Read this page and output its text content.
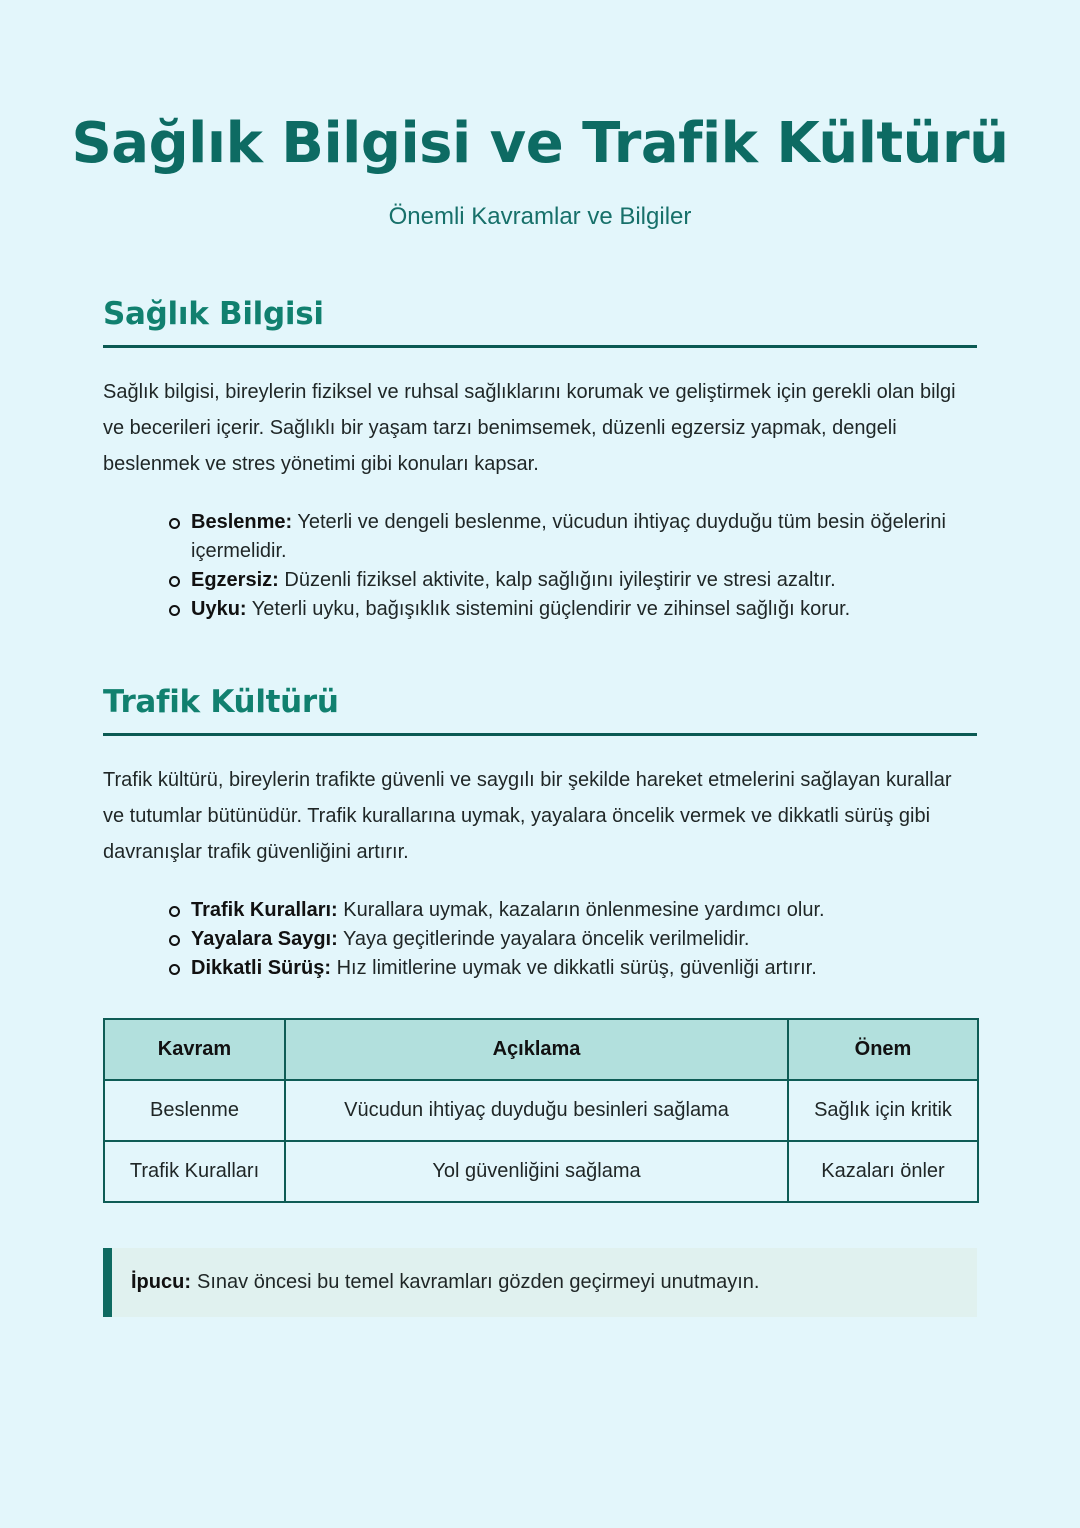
Sağlık Bilgisi ve Trafik Kültürü

Önemli Kavramlar ve Bilgiler

Sağlık Bilgisi

Sağlık bilgisi, bireylerin fiziksel ve ruhsal sağlıklarını korumak ve geliştirmek için gerekli olan bilgi ve becerileri içerir. Sağlıklı bir yaşam tarzı benimsemek, düzenli egzersiz yapmak, dengeli beslenmek ve stres yönetimi gibi konuları kapsar.

Beslenme: Yeterli ve dengeli beslenme, vücudun ihtiyaç duyduğu tüm besin öğelerini içermelidir.
Egzersiz: Düzenli fiziksel aktivite, kalp sağlığını iyileştirir ve stresi azaltır.
Uyku: Yeterli uyku, bağışıklık sistemini güçlendirir ve zihinsel sağlığı korur.
Trafik Kültürü

Trafik kültürü, bireylerin trafikte güvenli ve saygılı bir şekilde hareket etmelerini sağlayan kurallar ve tutumlar bütünüdür. Trafik kurallarına uymak, yayalara öncelik vermek ve dikkatli sürüş gibi davranışlar trafik güvenliğini artırır.

Trafik Kuralları: Kurallara uymak, kazaların önlenmesine yardımcı olur.
Yayalara Saygı: Yaya geçitlerinde yayalara öncelik verilmelidir.
Dikkatli Sürüş: Hız limitlerine uymak ve dikkatli sürüş, güvenliği artırır.
Kavram	Açıklama	Önem
Beslenme	Vücudun ihtiyaç duyduğu besinleri sağlama	Sağlık için kritik
Trafik Kuralları	Yol güvenliğini sağlama	Kazaları önler
İpucu: Sınav öncesi bu temel kavramları gözden geçirmeyi unutmayın.
